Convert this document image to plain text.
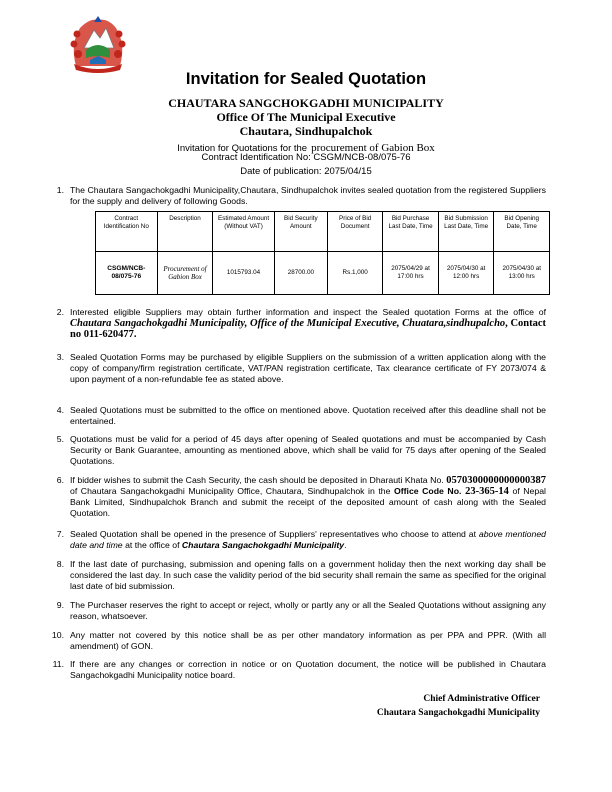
Invitation for Sealed Quotation
CHAUTARA SANGCHOKGADHI MUNICIPALITY
Office Of The Municipal Executive
Chautara, Sindhupalchok
Invitation for Quotations for the procurement of Gabion Box
Contract Identification No: CSGM/NCB-08/075-76
Date of publication: 2075/04/15
1. The Chautara Sangachokgadhi Municipality,Chautara, Sindhupalchok invites sealed quotation from the registered Suppliers for the supply and delivery of following Goods.
Contract Identification No	Description	Estimated Amount (Without VAT)	Bid Security Amount	Price of Bid Document	Bid Purchase Last Date, Time	Bid Submission Last Date, Time	Bid Opening Date, Time
CSGM/NCB-08/075-76	Procurement of Gabion Box	1015793.04	28700.00	Rs.1,000	2075/04/29 at 17:00 hrs	2075/04/30 at 12:00 hrs	2075/04/30 at 13:00 hrs
2. Interested eligible Suppliers may obtain further information and inspect the Sealed quotation Forms at the office of Chautara Sangachokgadhi Municipality, Office of the Municipal Executive, Chuatara,sindhupalcho, Contact no 011-620477.
3. Sealed Quotation Forms may be purchased by eligible Suppliers on the submission of a written application along with the copy of company/firm registration certificate, VAT/PAN registration certificate, Tax clearance certificate of FY 2073/074 & upon payment of a non-refundable fee as stated above.
4. Sealed Quotations must be submitted to the office on mentioned above. Quotation received after this deadline shall not be entertained.
5. Quotations must be valid for a period of 45 days after opening of Sealed quotations and must be accompanied by Cash Security or Bank Guarantee, amounting as mentioned above, which shall be valid for 75 days after opening of the Sealed Quotations.
6. If bidder wishes to submit the Cash Security, the cash should be deposited in Dharauti Khata No. 0570300000000000387 of Chautara Sangachokgadhi Municipality Office, Chautara, Sindhupalchok in the Office Code No. 23-365-14 of Nepal Bank Limited, Sindhupalchok Branch and submit the receipt of the deposited amount of cash along with the Sealed Quotation.
7. Sealed Quotation shall be opened in the presence of Suppliers' representatives who choose to attend at above mentioned date and time at the office of Chautara Sangachokgadhi Municipality.
8. If the last date of purchasing, submission and opening falls on a government holiday then the next working day shall be considered the last day. In such case the validity period of the bid security shall remain the same as specified for the original last date of bid submission.
9. The Purchaser reserves the right to accept or reject, wholly or partly any or all the Sealed Quotations without assigning any reason, whatsoever.
10. Any matter not covered by this notice shall be as per other mandatory information as per PPA and PPR. (With all amendment) of GON.
11. If there are any changes or correction in notice or on Quotation document, the notice will be published in Chautara Sangachokgadhi Municipality notice board.
Chief Administrative Officer
Chautara Sangachokgadhi Municipality
